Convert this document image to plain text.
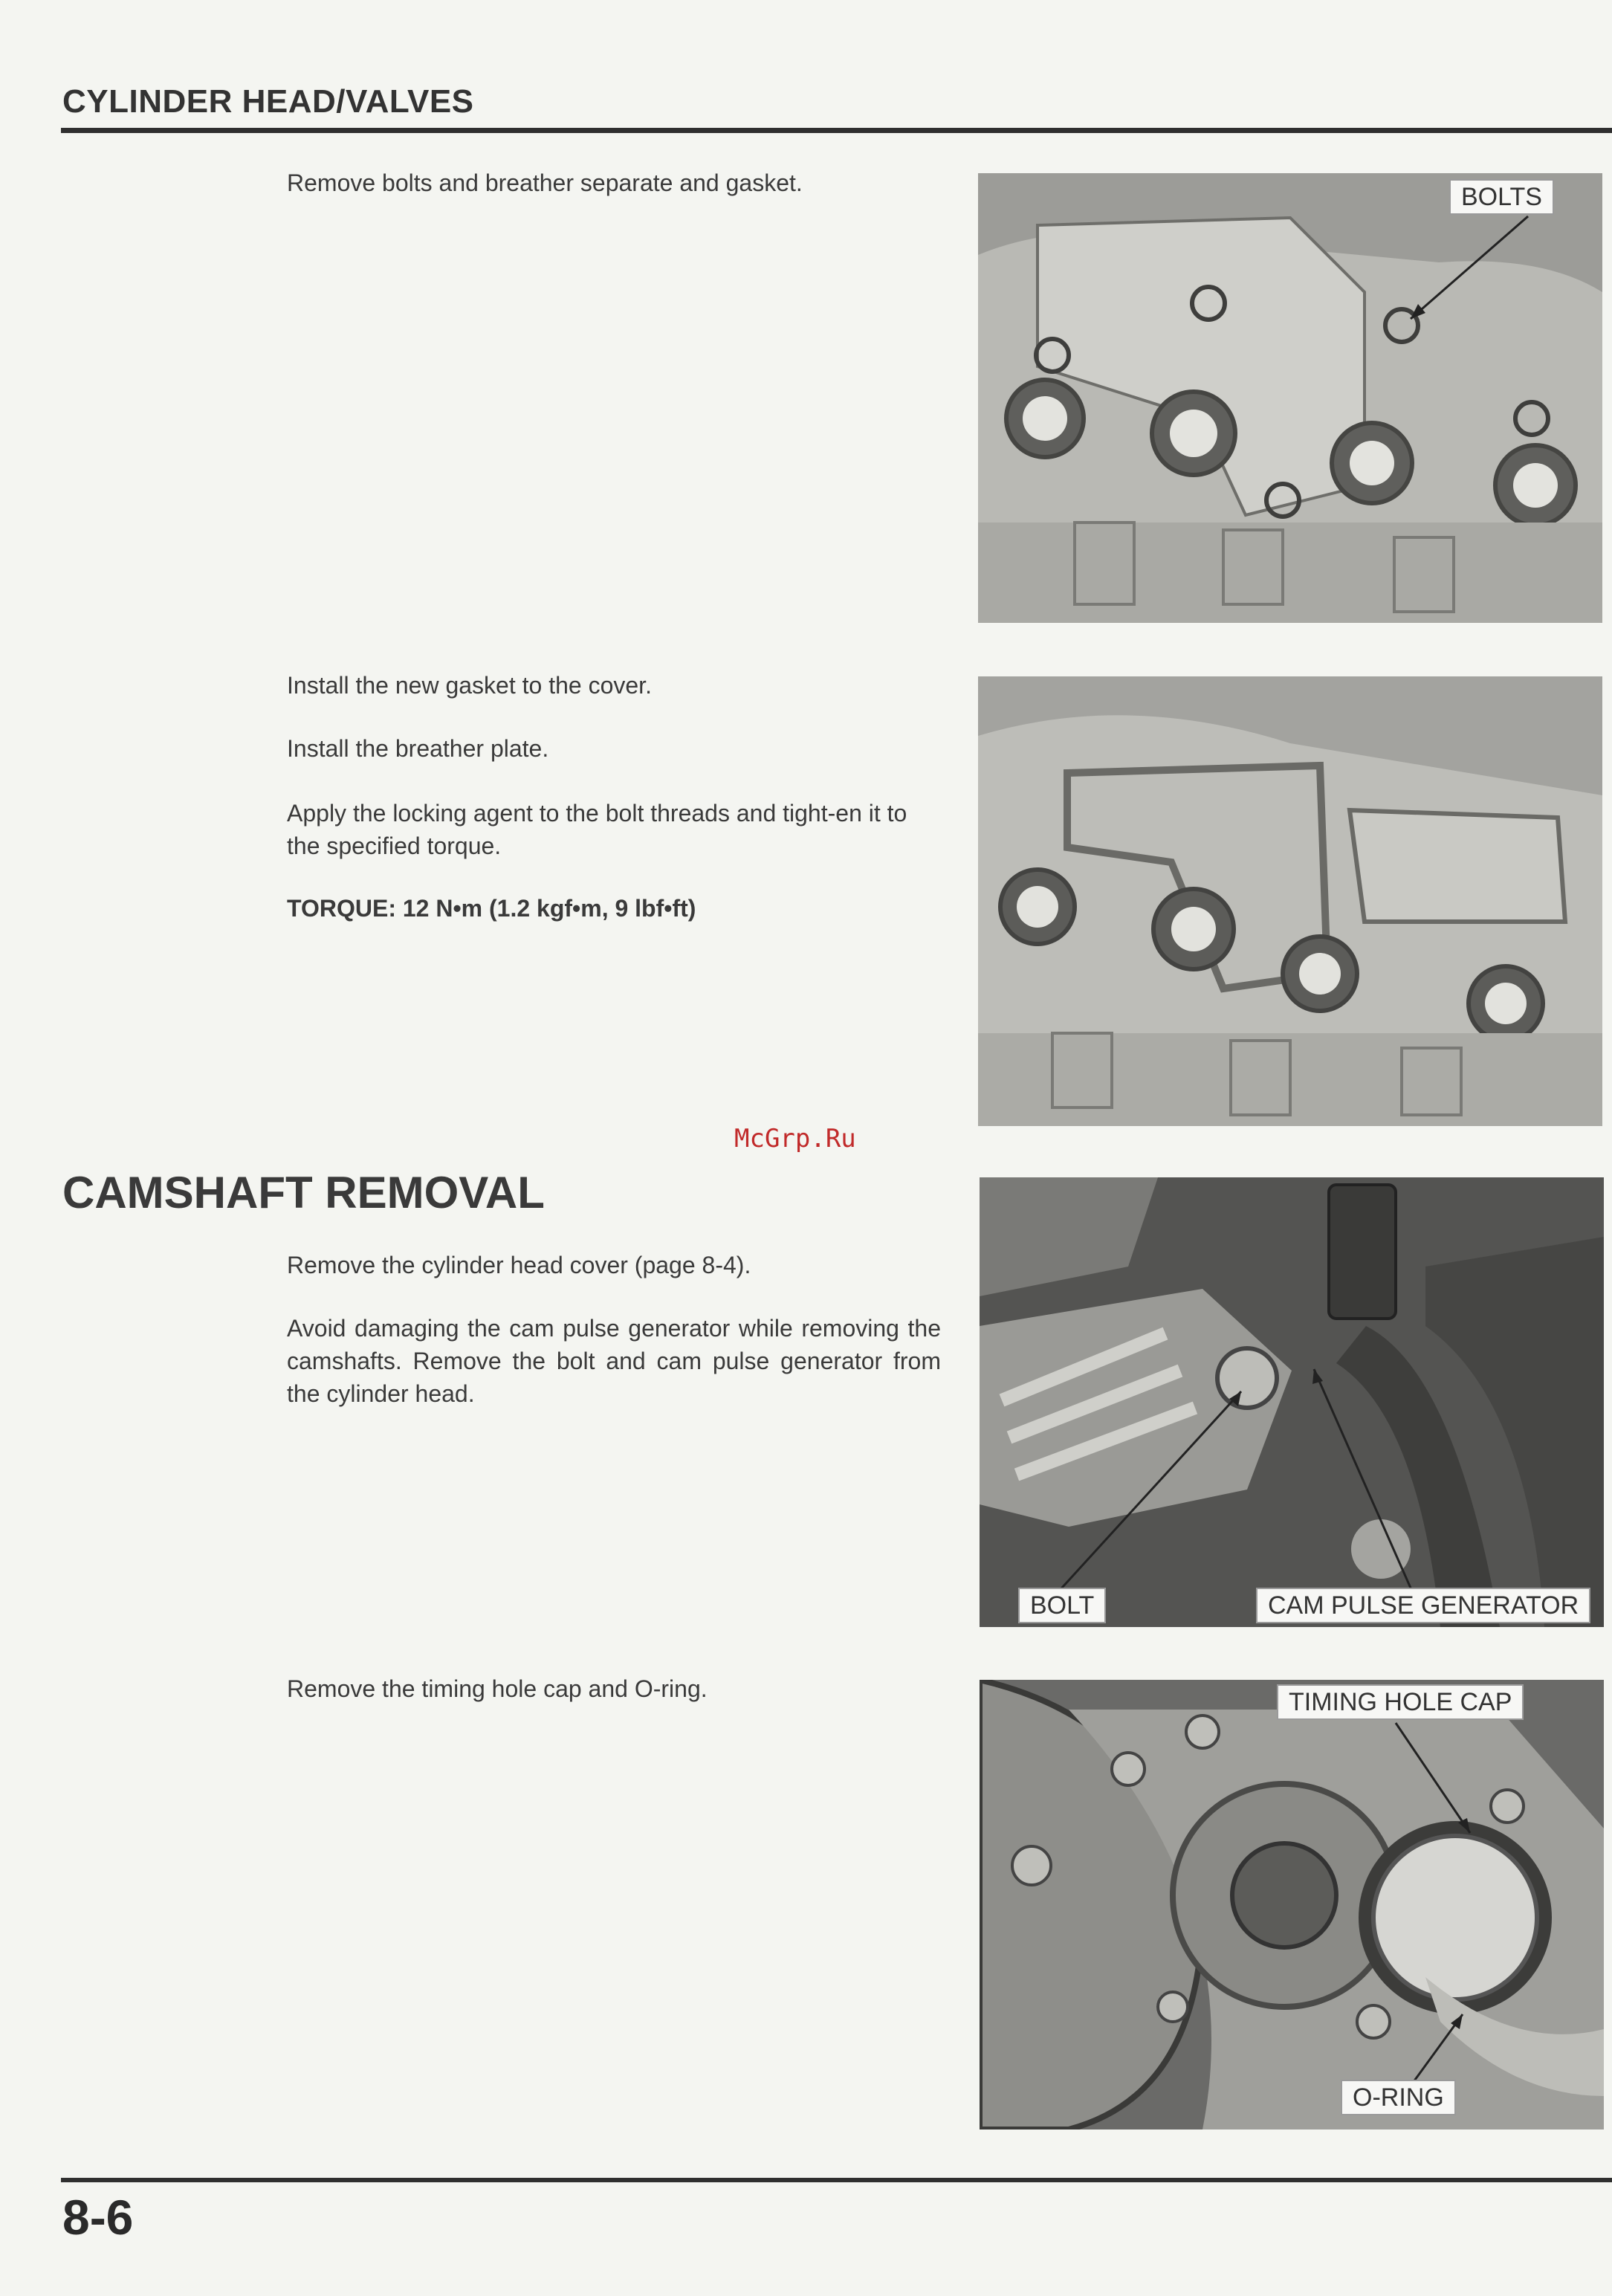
CYLINDER HEAD/VALVES

Remove bolts and breather separate and gasket.	BOLTS

Install the new gasket to the cover.

Install the breather plate.

Apply the locking agent to the bolt threads and tight-en it to the specified torque.

TORQUE: 12 N•m (1.2 kgf•m, 9 lbf•ft)

McGrp.Ru

CAMSHAFT REMOVAL

Remove the cylinder head cover (page 8-4).

Avoid damaging the cam pulse generator while removing the camshafts. Remove the bolt and cam pulse generator from the cylinder head.

BOLT	CAM PULSE GENERATOR

Remove the timing hole cap and O-ring.	TIMING HOLE CAP
O-RING

8-6
